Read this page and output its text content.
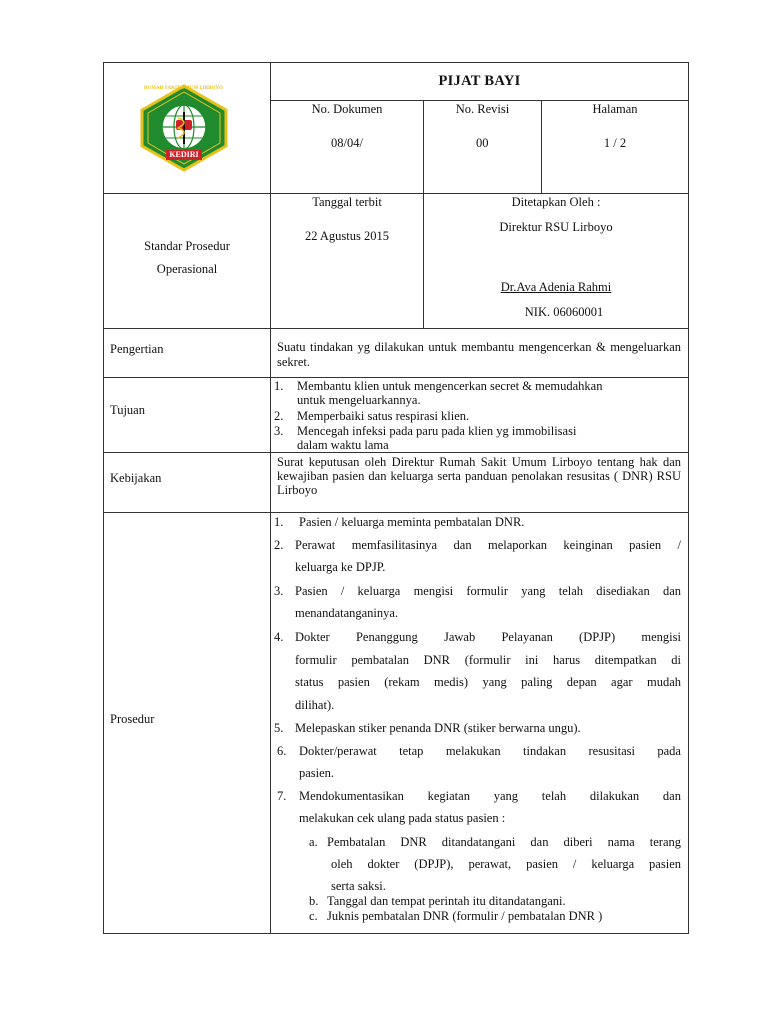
RUMAH SAKIT UMUM LIRBOYO
KEDIRI
PIJAT BAYI
No. Dokumen
08/04/
No. Revisi
00
Halaman
1 / 2
Standar Prosedur
Operasional
Tanggal terbit
22 Agustus 2015
Ditetapkan Oleh :
Direktur RSU Lirboyo
Dr.Ava Adenia Rahmi
NIK. 06060001
Pengertian	Suatu tindakan yg dilakukan untuk membantu mengencerkan & mengeluarkan sekret.
Tujuan
1. Membantu klien untuk mengencerkan secret & memudahkan
untuk mengeluarkannya.
2. Memperbaiki satus respirasi klien.
3. Mencegah infeksi pada paru pada klien yg immobilisasi
dalam waktu lama
Kebijakan
Surat keputusan oleh Direktur Rumah Sakit Umum Lirboyo tentang hak dan kewajiban pasien dan keluarga serta panduan penolakan resusitas ( DNR) RSU Lirboyo
Prosedur
1. Pasien / keluarga meminta pembatalan DNR.
2. Perawat memfasilitasinya dan melaporkan keinginan pasien /
keluarga ke DPJP.
3. Pasien / keluarga mengisi formulir yang telah disediakan dan
menandatanganinya.
4. Dokter Penanggung Jawab Pelayanan (DPJP) mengisi
formulir pembatalan DNR (formulir ini harus ditempatkan di
status pasien (rekam medis) yang paling depan agar mudah
dilihat).
5. Melepaskan stiker penanda DNR (stiker berwarna ungu).
6. Dokter/perawat tetap melakukan tindakan resusitasi pada
pasien.
7. Mendokumentasikan kegiatan yang telah dilakukan dan
melakukan cek ulang pada status pasien :
a. Pembatalan DNR ditandatangani dan diberi nama terang
oleh dokter (DPJP), perawat, pasien / keluarga pasien
serta saksi.
b. Tanggal dan tempat perintah itu ditandatangani.
c. Juknis pembatalan DNR (formulir / pembatalan DNR )
